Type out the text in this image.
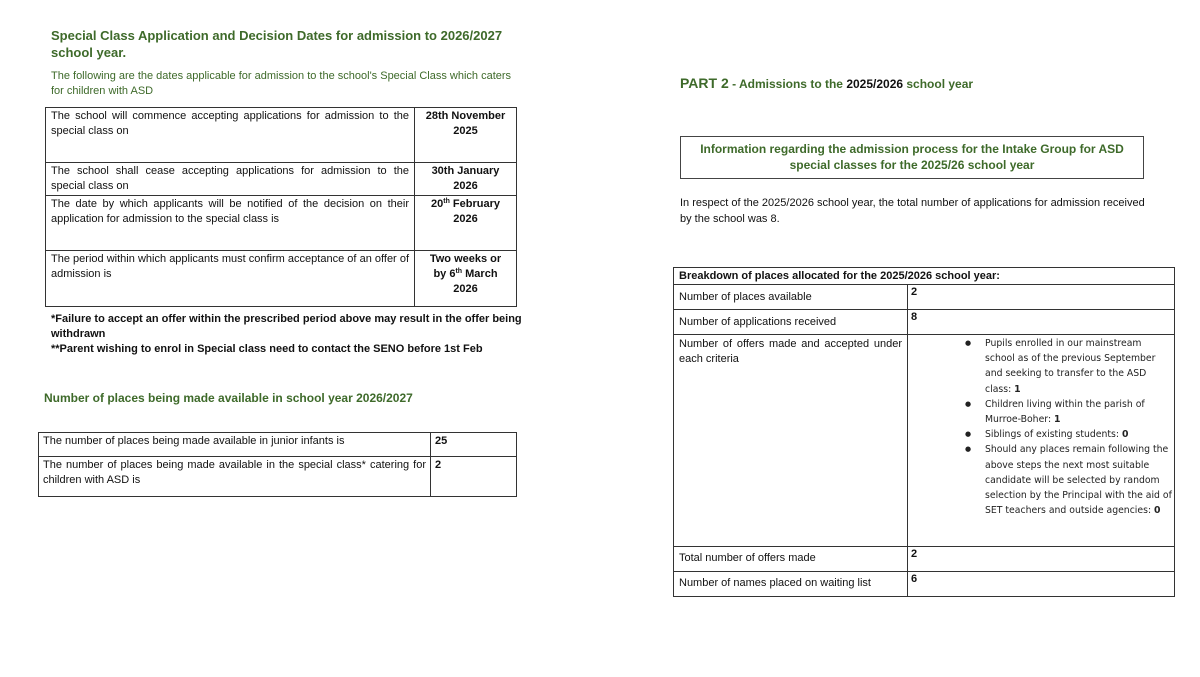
Special Class Application and Decision Dates for admission to 2026/2027 school year.
The following are the dates applicable for admission to the school's Special Class which caters for children with ASD
The school will commence accepting applications for admission to the special class on	28th November
2025

The school shall cease accepting applications for admission to the special class on	30th January
2026

The date by which applicants will be notified of the decision on their application for admission to the special class is	20th February
2026

The period within which applicants must confirm acceptance of an offer of admission is	Two weeks or
by 6th March
2026
*Failure to accept an offer within the prescribed period above may result in the offer being withdrawn
**Parent wishing to enrol in Special class need to contact the SENO before 1st Feb
Number of places being made available in school year 2026/2027
The number of places being made available in junior infants is	25
The number of places being made available in the special class* catering for children with ASD is	2
PART 2 - Admissions to the 2025/2026 school year
Information regarding the admission process for the Intake Group for ASD special classes for the 2025/26 school year
In respect of the 2025/2026 school year, the total number of applications for admission received by the school was 8.
Breakdown of places allocated for the 2025/2026 school year:	
Number of places available	2
Number of applications received	8
Number of offers made and accepted under each criteria	
● Pupils enrolled in our mainstream school as of the previous September and seeking to transfer to the ASD class: 1
● Children living within the parish of Murroe-Boher: 1
● Siblings of existing students: 0
● Should any places remain following the above steps the next most suitable candidate will be selected by random selection by the Principal with the aid of SET teachers and outside agencies: 0

Total number of offers made	2
Number of names placed on waiting list	6
